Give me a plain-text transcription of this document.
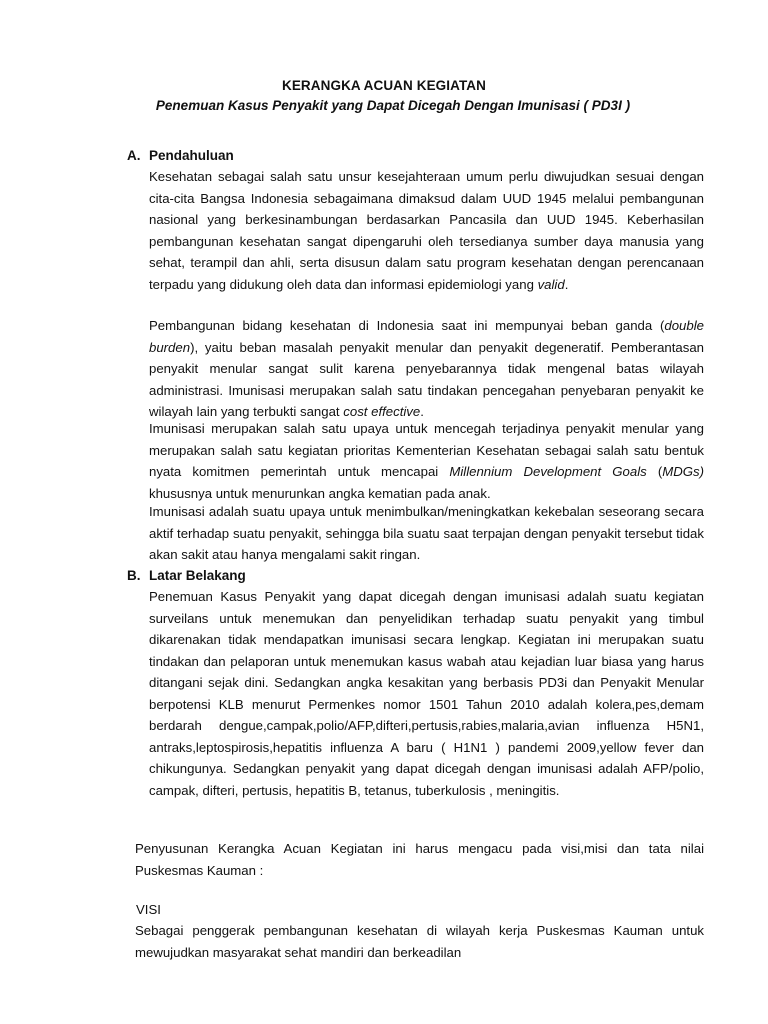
KERANGKA ACUAN KEGIATAN
Penemuan Kasus Penyakit yang Dapat Dicegah Dengan Imunisasi ( PD3I )
A. Pendahuluan

Kesehatan sebagai salah satu unsur kesejahteraan umum perlu diwujudkan sesuai dengan cita-cita Bangsa Indonesia sebagaimana dimaksud dalam UUD 1945 melalui pembangunan nasional yang berkesinambungan berdasarkan Pancasila dan UUD 1945. Keberhasilan pembangunan kesehatan sangat dipengaruhi oleh tersedianya sumber daya manusia yang sehat, terampil dan ahli, serta disusun dalam satu program kesehatan dengan perencanaan terpadu yang didukung oleh data dan informasi epidemiologi yang valid.

Pembangunan bidang kesehatan di Indonesia saat ini mempunyai beban ganda (double burden), yaitu beban masalah penyakit menular dan penyakit degeneratif. Pemberantasan penyakit menular sangat sulit karena penyebarannya tidak mengenal batas wilayah administrasi. Imunisasi merupakan salah satu tindakan pencegahan penyebaran penyakit ke wilayah lain yang terbukti sangat cost effective.

Imunisasi merupakan salah satu upaya untuk mencegah terjadinya penyakit menular yang merupakan salah satu kegiatan prioritas Kementerian Kesehatan sebagai salah satu bentuk nyata komitmen pemerintah untuk mencapai Millennium Development Goals (MDGs) khususnya untuk menurunkan angka kematian pada anak.

Imunisasi adalah suatu upaya untuk menimbulkan/meningkatkan kekebalan seseorang secara aktif terhadap suatu penyakit, sehingga bila suatu saat terpajan dengan penyakit tersebut tidak akan sakit atau hanya mengalami sakit ringan.

B. Latar Belakang

Penemuan Kasus Penyakit yang dapat dicegah dengan imunisasi adalah suatu kegiatan surveilans untuk menemukan dan penyelidikan terhadap suatu penyakit yang timbul dikarenakan tidak mendapatkan imunisasi secara lengkap. Kegiatan ini merupakan suatu tindakan dan pelaporan untuk menemukan kasus wabah atau kejadian luar biasa yang harus ditangani sejak dini. Sedangkan angka kesakitan yang berbasis PD3i dan Penyakit Menular berpotensi KLB menurut Permenkes nomor 1501 Tahun 2010 adalah kolera,pes,demam berdarah dengue,campak,polio/AFP,difteri,pertusis,rabies,malaria,avian influenza H5N1, antraks,leptospirosis,hepatitis influenza A baru ( H1N1 ) pandemi 2009,yellow fever dan chikungunya. Sedangkan penyakit yang dapat dicegah dengan imunisasi adalah AFP/polio, campak, difteri, pertusis, hepatitis B, tetanus, tuberkulosis , meningitis.

Penyusunan Kerangka Acuan Kegiatan ini harus mengacu pada visi,misi dan tata nilai Puskesmas Kauman :

VISI

Sebagai penggerak pembangunan kesehatan di wilayah kerja Puskesmas Kauman untuk mewujudkan masyarakat sehat mandiri dan berkeadilan
